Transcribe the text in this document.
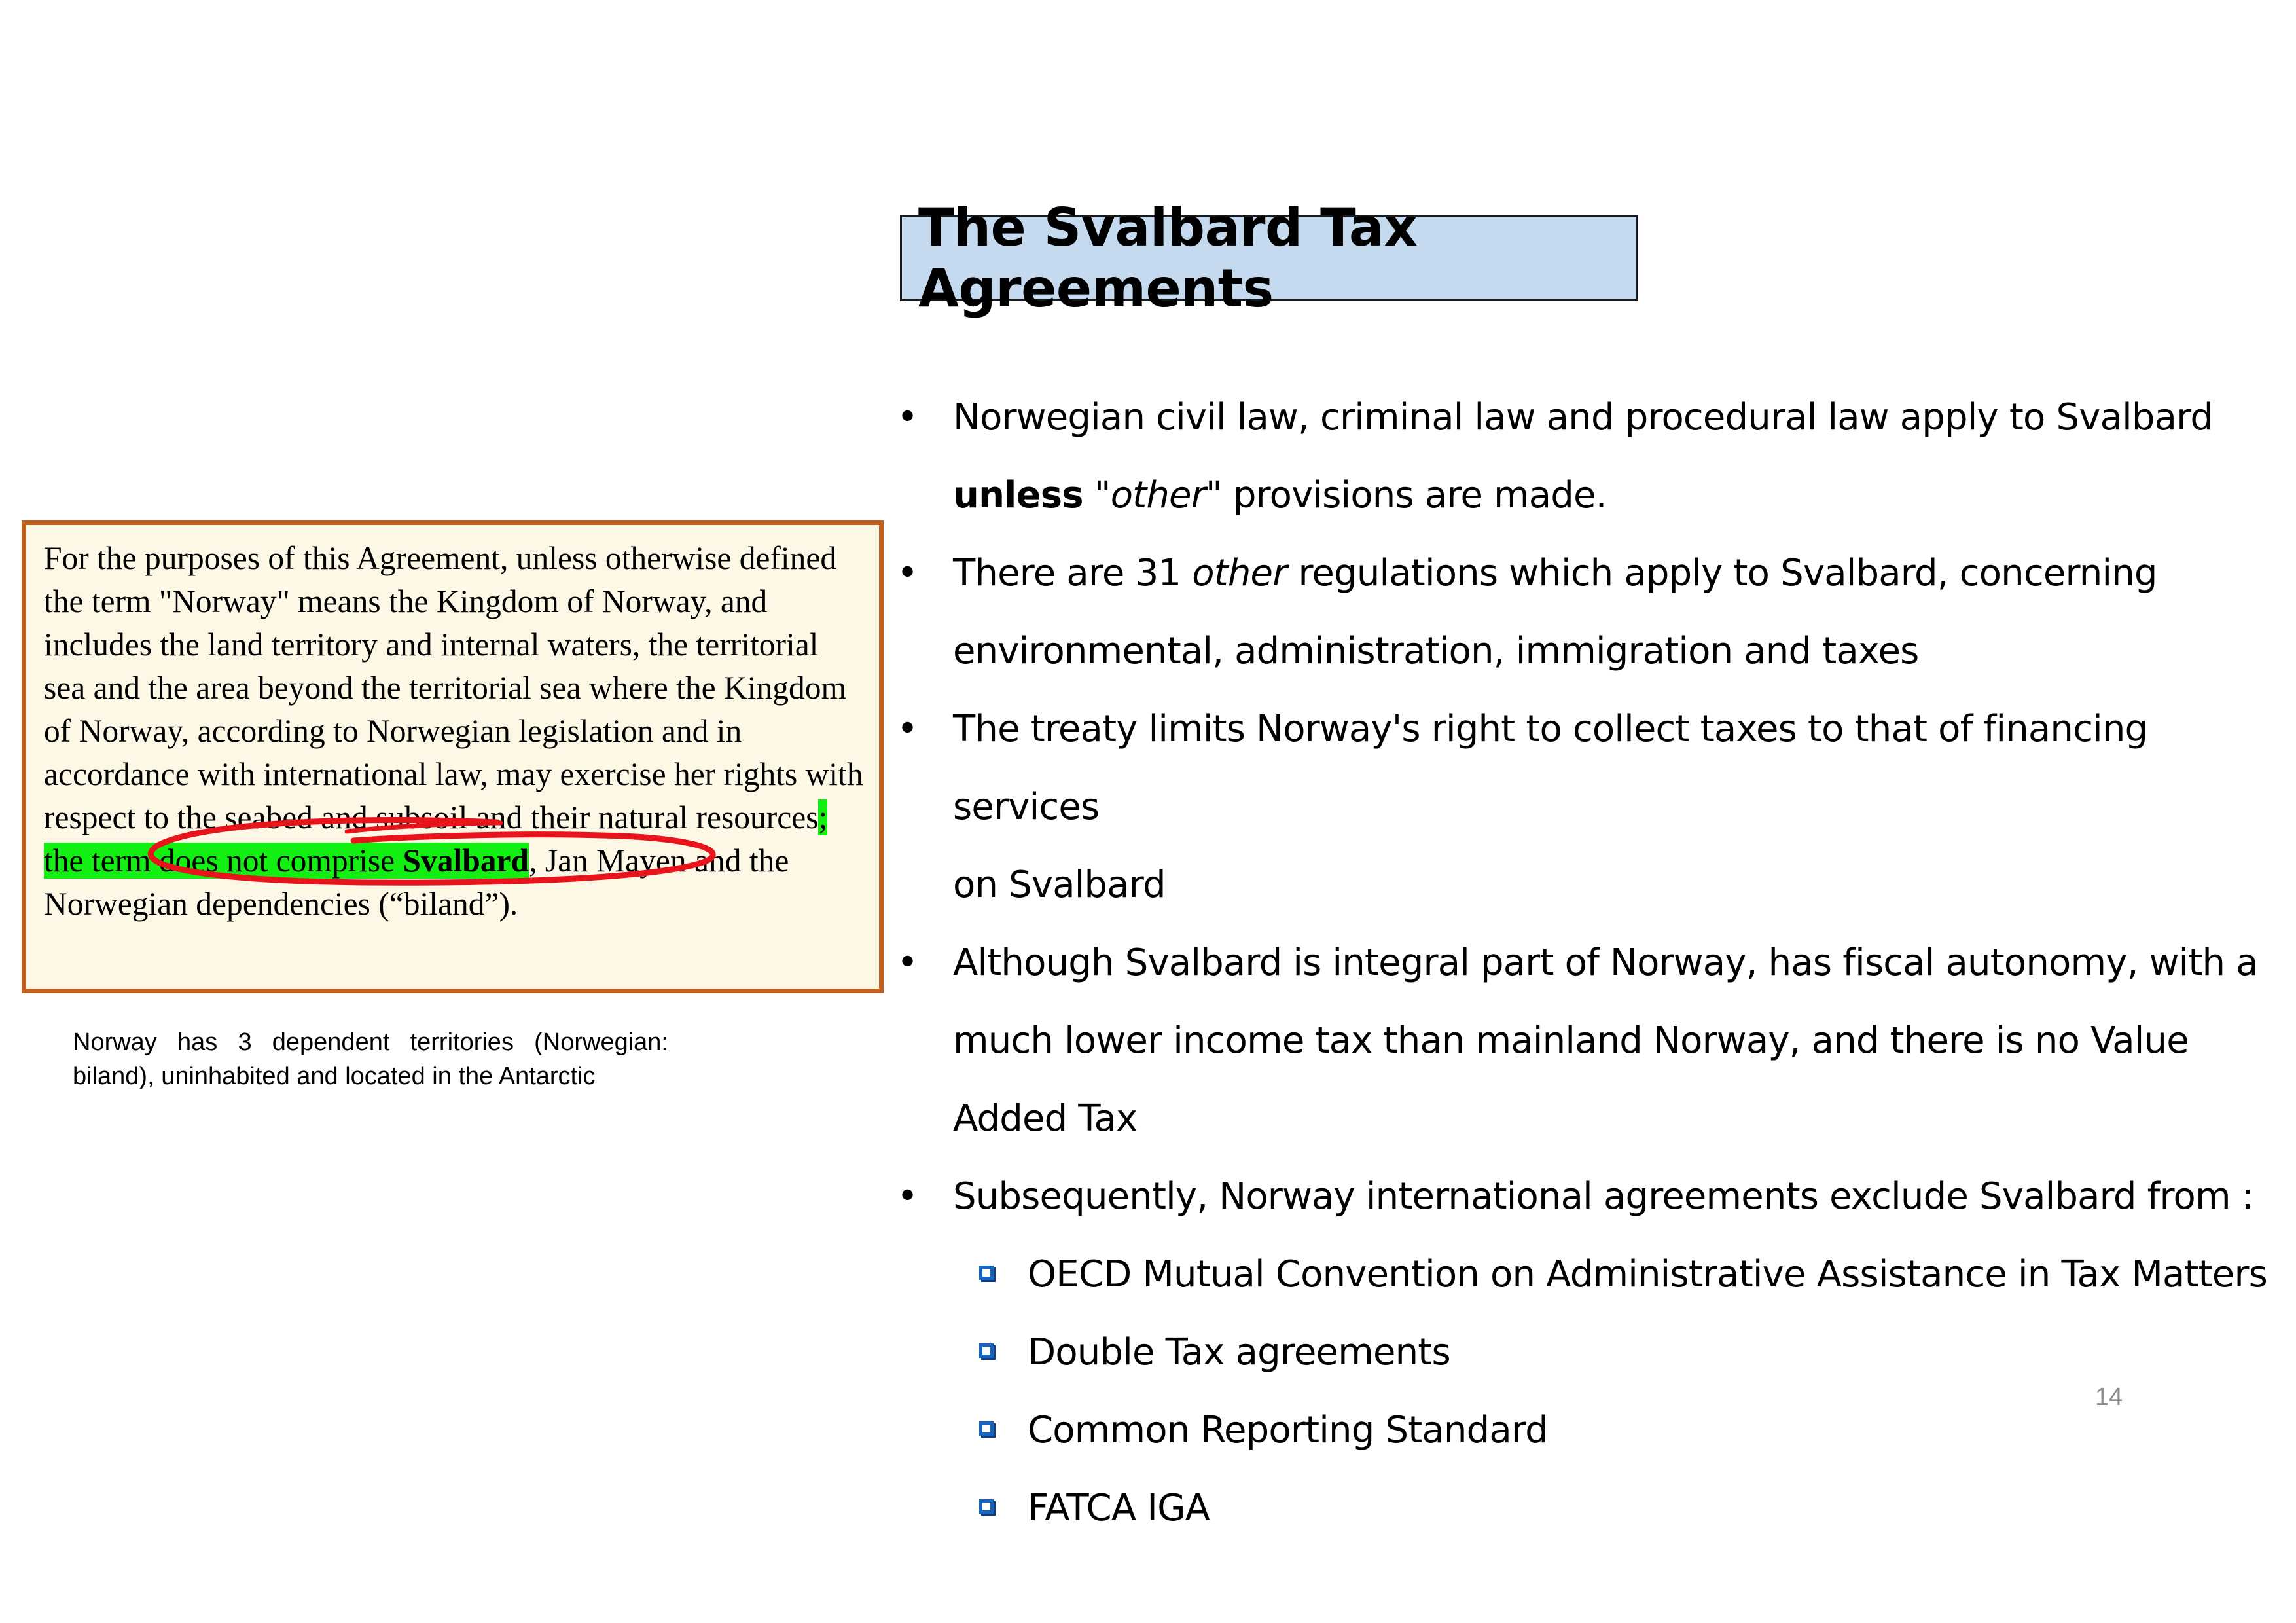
The Svalbard Tax Agreements

For the purposes of this Agreement, unless otherwise defined the term "Norway" means the Kingdom of Norway, and includes the land territory and internal waters, the territorial sea and the area beyond the territorial sea where the Kingdom of Norway, according to Norwegian legislation and in accordance with international law, may exercise her rights with respect to the seabed and subsoil and their natural resources; the term does not comprise Svalbard, Jan Mayen and the Norwegian dependencies (“biland”).

Norway has 3 dependent territories (Norwegian:
biland), uninhabited and located in the Antarctic
• Norwegian civil law, criminal law and procedural law apply to Svalbard
unless "other" provisions are made.
• There are 31 other regulations which apply to Svalbard, concerning
environmental, administration, immigration and taxes
• The treaty limits Norway's right to collect taxes to that of financing services
on Svalbard
• Although Svalbard is integral part of Norway, has fiscal autonomy, with a
much lower income tax than mainland Norway, and there is no Value
Added Tax
• Subsequently, Norway international agreements exclude Svalbard from :
OECD Mutual Convention on Administrative Assistance in Tax Matters
Double Tax agreements
Common Reporting Standard
FATCA IGA
14
